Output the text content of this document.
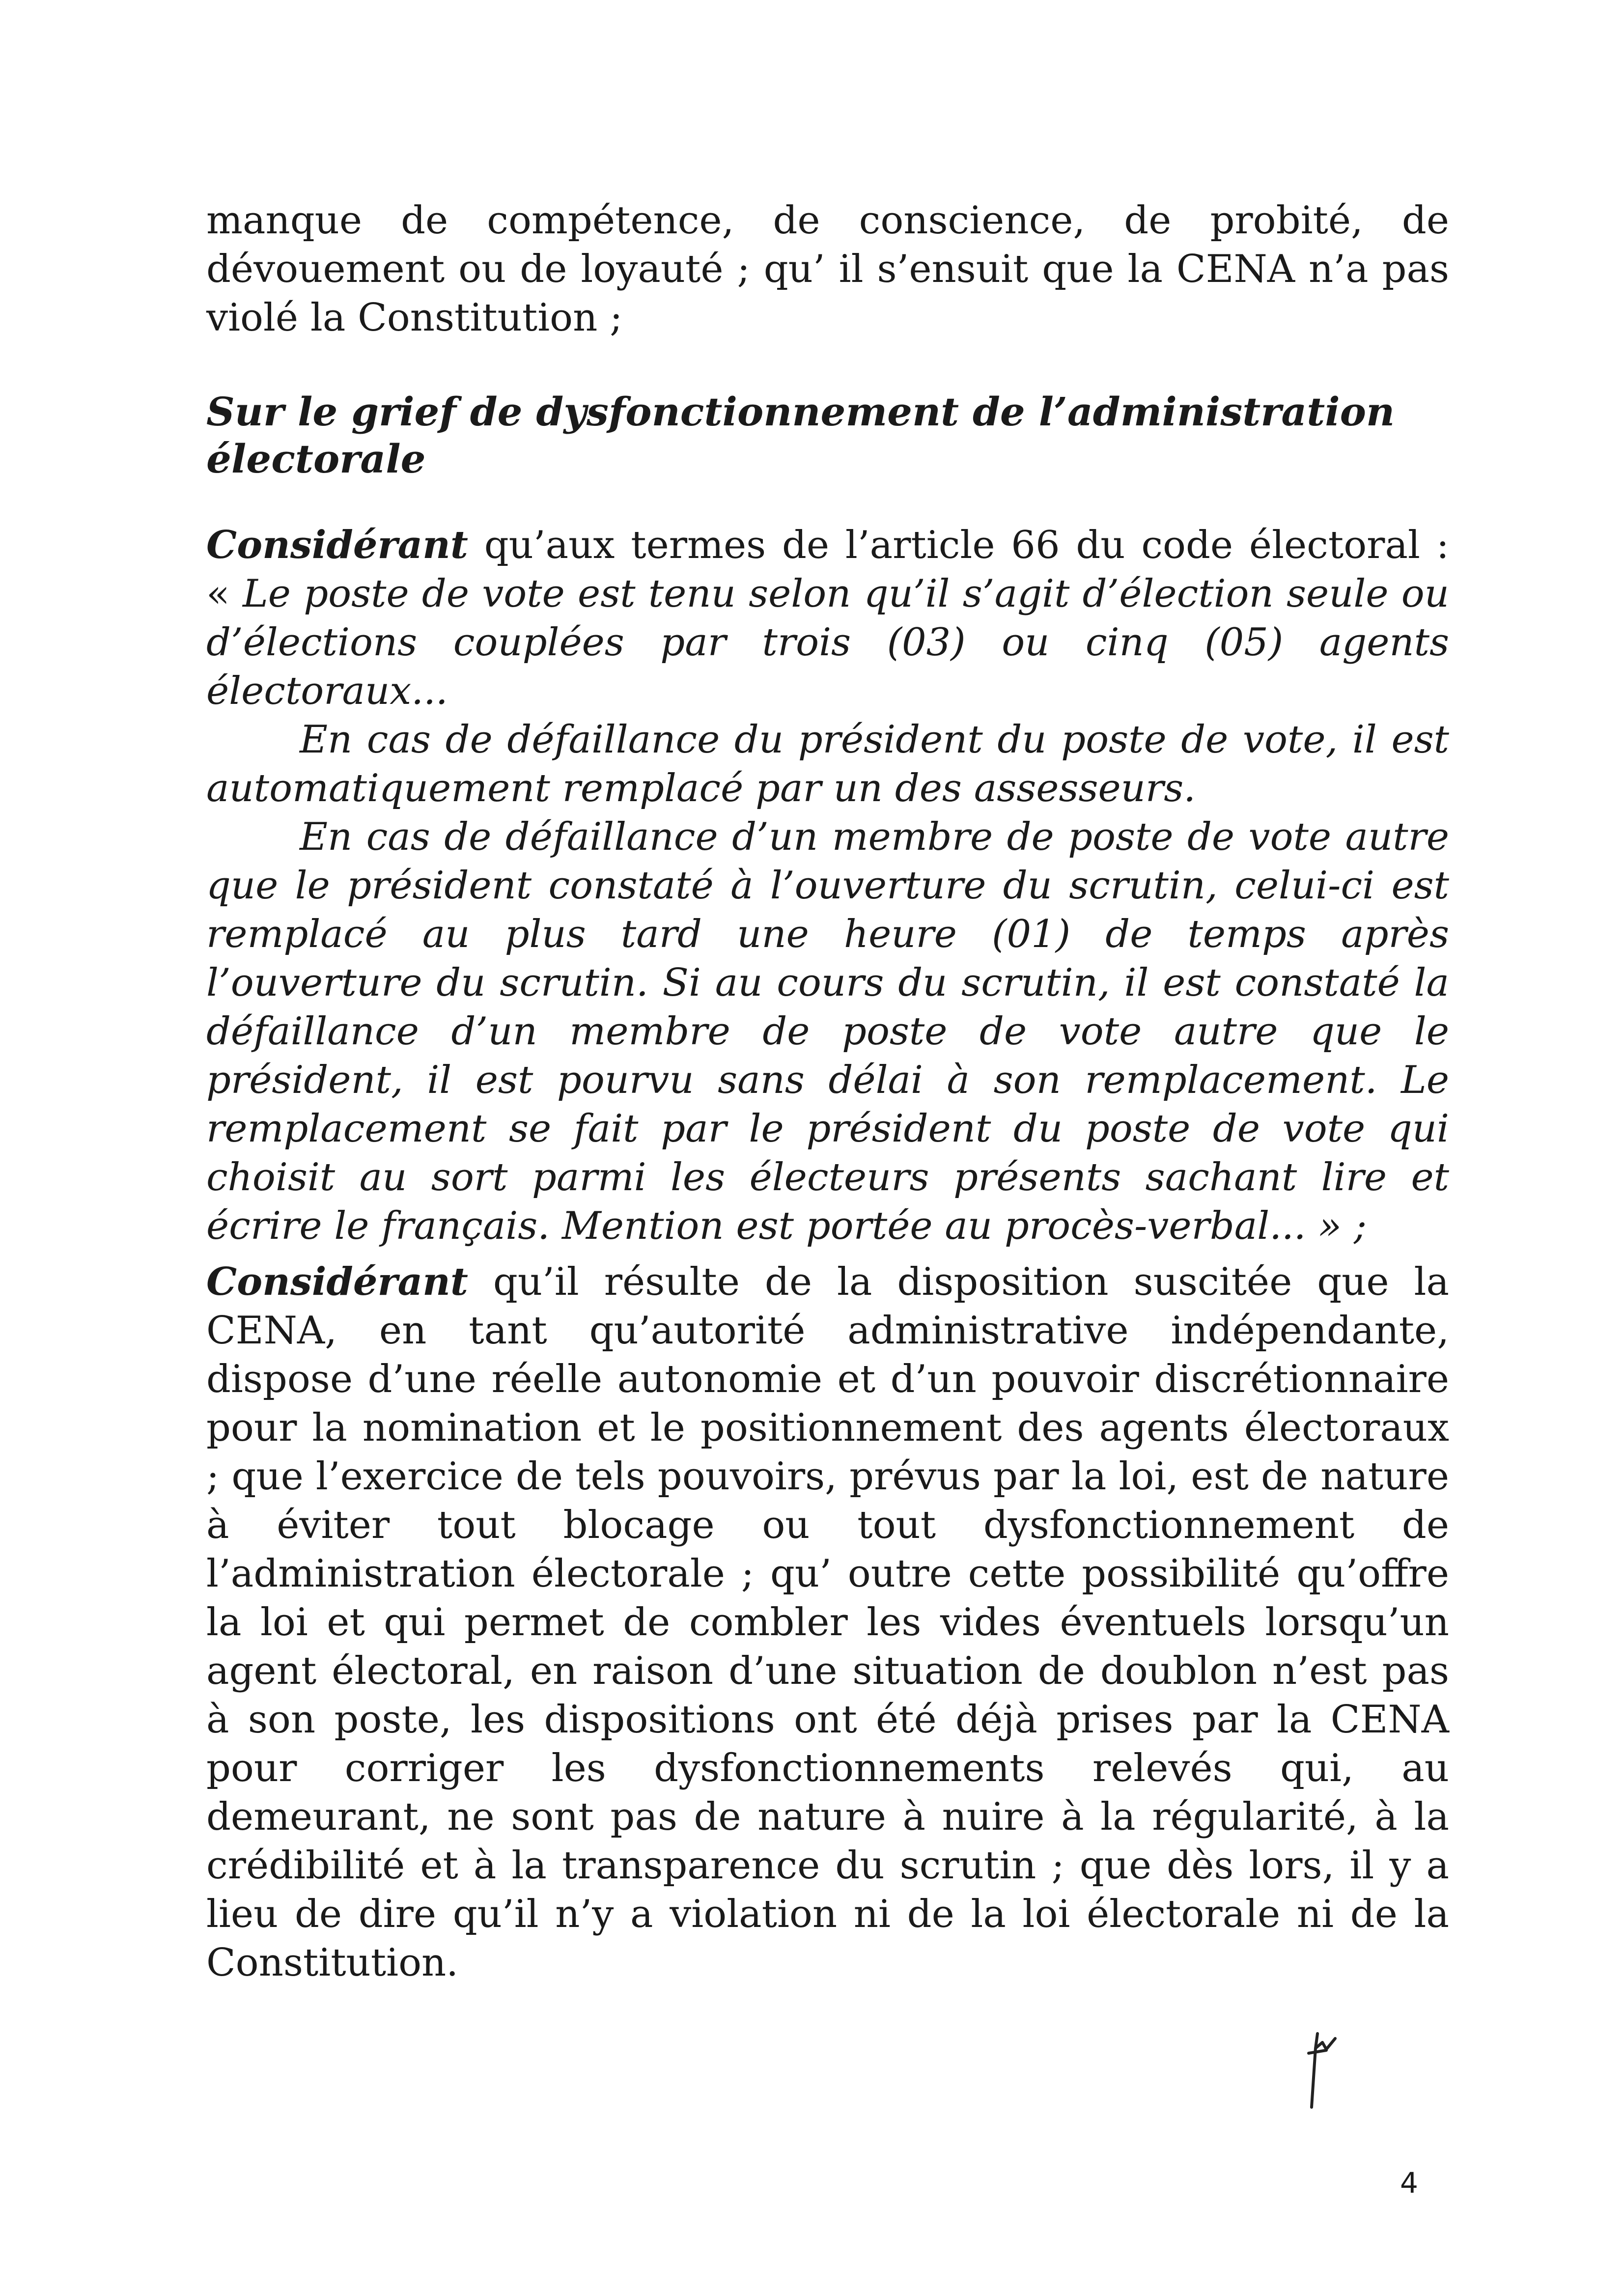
manque de compétence, de conscience, de probité, de dévouement ou de loyauté ; qu’ il s’ensuit que la CENA n’a pas violé la Constitution ;

Sur le grief de dysfonctionnement de l’administration électorale

Considérant qu’aux termes de l’article 66 du code électoral : « Le poste de vote est tenu selon qu’il s’agit d’élection seule ou d’élections couplées par trois (03) ou cinq (05) agents électoraux...

En cas de défaillance du président du poste de vote, il est automatiquement remplacé par un des assesseurs.

En cas de défaillance d’un membre de poste de vote autre que le président constaté à l’ouverture du scrutin, celui-ci est remplacé au plus tard une heure (01) de temps après l’ouverture du scrutin. Si au cours du scrutin, il est constaté la défaillance d’un membre de poste de vote autre que le président, il est pourvu sans délai à son remplacement. Le remplacement se fait par le président du poste de vote qui choisit au sort parmi les électeurs présents sachant lire et écrire le français. Mention est portée au procès-verbal... » ;

Considérant qu’il résulte de la disposition suscitée que la CENA, en tant qu’autorité administrative indépendante, dispose d’une réelle autonomie et d’un pouvoir discrétionnaire pour la nomination et le positionnement des agents électoraux ; que l’exercice de tels pouvoirs, prévus par la loi, est de nature à éviter tout blocage ou tout dysfonctionnement de l’administration électorale ; qu’ outre cette possibilité qu’offre la loi et qui permet de combler les vides éventuels lorsqu’un agent électoral, en raison d’une situation de doublon n’est pas à son poste, les dispositions ont été déjà prises par la CENA pour corriger les dysfonctionnements relevés qui, au demeurant, ne sont pas de nature à nuire à la régularité, à la crédibilité et à la transparence du scrutin ; que dès lors, il y a lieu de dire qu’il n’y a violation ni de la loi électorale ni de la Constitution.

4
